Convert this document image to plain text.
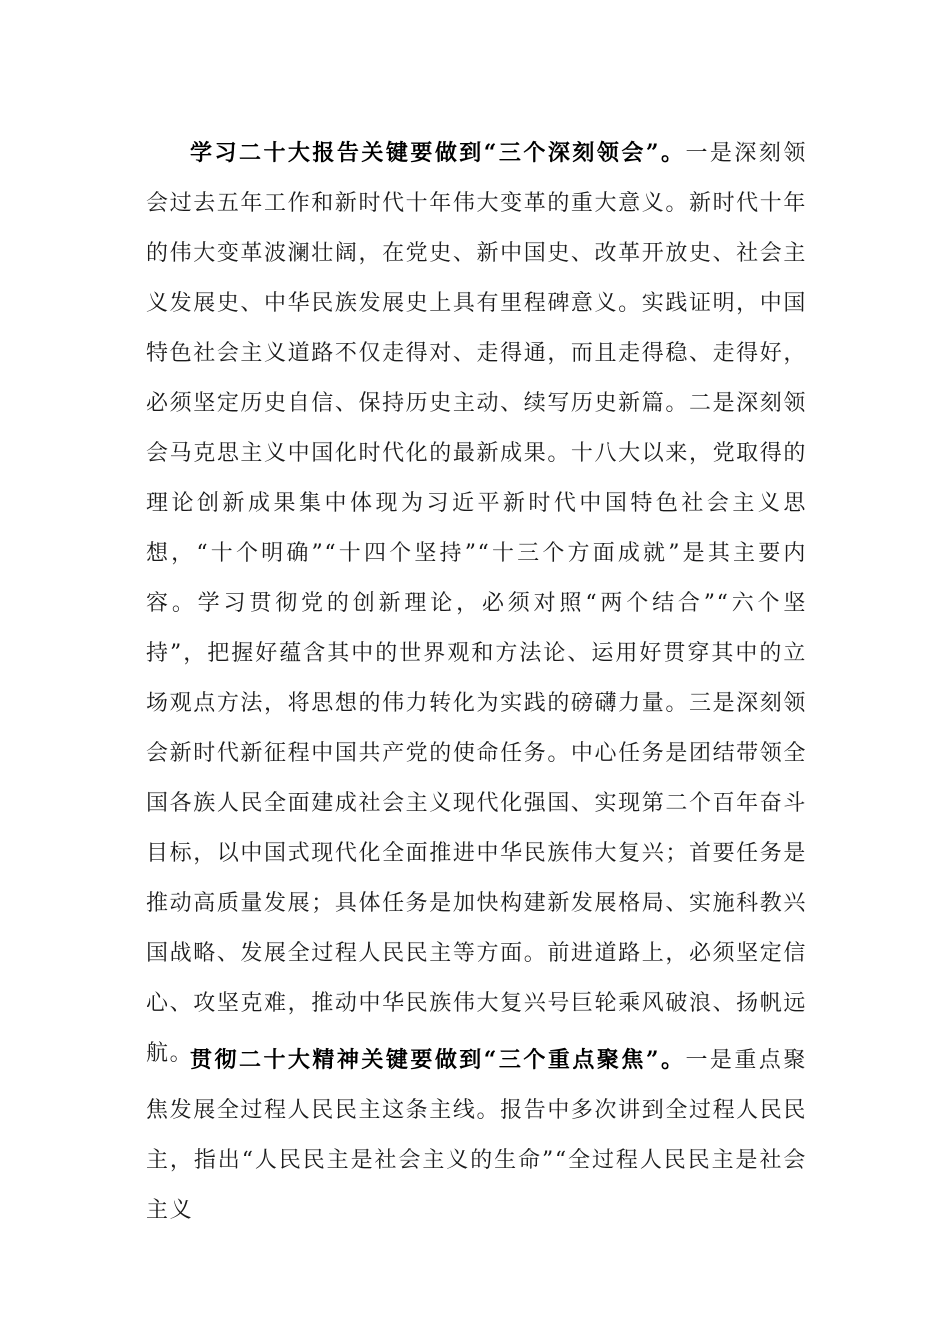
学习二十大报告关键要做到“三个深刻领会”。一是深刻领会过去五年工作和新时代十年伟大变革的重大意义。新时代十年的伟大变革波澜壮阔，在党史、新中国史、改革开放史、社会主义发展史、中华民族发展史上具有里程碑意义。实践证明，中国特色社会主义道路不仅走得对、走得通，而且走得稳、走得好，必须坚定历史自信、保持历史主动、续写历史新篇。二是深刻领会马克思主义中国化时代化的最新成果。十八大以来，党取得的理论创新成果集中体现为习近平新时代中国特色社会主义思想，“十个明确”“十四个坚持”“十三个方面成就”是其主要内容。学习贯彻党的创新理论，必须对照“两个结合”“六个坚持”，把握好蕴含其中的世界观和方法论、运用好贯穿其中的立场观点方法，将思想的伟力转化为实践的磅礴力量。三是深刻领会新时代新征程中国共产党的使命任务。中心任务是团结带领全国各族人民全面建成社会主义现代化强国、实现第二个百年奋斗目标，以中国式现代化全面推进中华民族伟大复兴；首要任务是推动高质量发展；具体任务是加快构建新发展格局、实施科教兴国战略、发展全过程人民民主等方面。前进道路上，必须坚定信心、攻坚克难，推动中华民族伟大复兴号巨轮乘风破浪、扬帆远航。

贯彻二十大精神关键要做到“三个重点聚焦”。一是重点聚焦发展全过程人民民主这条主线。报告中多次讲到全过程人民民主，指出“人民民主是社会主义的生命”“全过程人民民主是社会主义
